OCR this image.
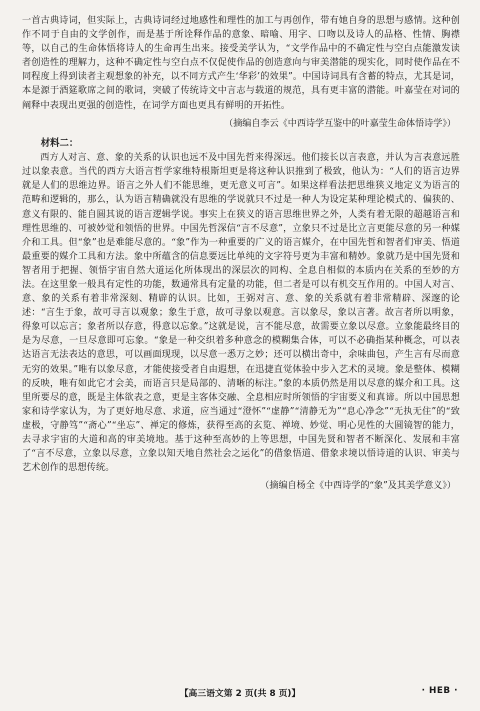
一首古典诗词，但实际上，古典诗词经过地感性和理性的加工与再创作，带有她自身的思想与感情。这种创作不同于自由的文学创作，而是基于所诠释作品的意象、暗喻、用字、口吻以及诗人的品格、性情、胸襟等，以自己的生命体悟将诗人的生命再生出来。接受美学认为，“文学作品中的不确定性与空白点能激发读者创造性的理解力，这种不确定性与空白点不仅促使作品的创造意向与审美潜能的现实化，同时使作品在不同程度上得到读者主观想象的补充，以不同方式产生‘华彩’的效果”。中国诗词具有含蓄的特点，尤其是词，本是源于酒筵歌席之间的歌词，突破了传统诗文中言志与载道的规范，具有更丰富的潜能。叶嘉莹在对词的阐释中表现出更强的创造性，在词学方面也更具有鲜明的开拓性。

（摘编自李云《中西诗学互鉴中的叶嘉莹生命体悟诗学》）

材料二：

西方人对言、意、象的关系的认识也远不及中国先哲来得深远。他们接长以言表意，并认为言表意远胜过以象表意。当代的西方大语言哲学家维特根斯坦更是将这种认识推到了极致，他认为：“人们的语言边界就是人们的思维边界。语言之外人们不能思维，更无意义可言”。如果这样看法把思维狭义地定义为语言的范畴和逻辑的，那么，认为语言精确就没有思维的学说就只不过是一种人为设定某种理论模式的、偏狭的、意义有限的、能自圆其说的语言逻辑学说。事实上在狭义的语言思维世界之外，人类有着无限的超越语言和理性思维的、可被妙觉和领悟的世界。中国先哲深信“言不尽意”，立象只不过是比立言更能尽意的另一种媒介和工具。但“象”也是难能尽意的。“象”作为一种重要的广义的语言媒介，在中国先哲和智者们审美、悟道最重要的媒介工具和方法。象中所蕴含的信息要远比单纯的文字符号更为丰富和精妙。象就乃是中国先贤和智者用于把握、领悟宇宙自然大道运化所体现出的深层次的同构、全息自相似的本质内在关系的至妙的方法。在这里象一般具有定性的功能，数通常具有定量的功能，但二者是可以有机交互作用的。中国人对言、意、象的关系有着非常深刻、精辟的认识。比如，王弼对言、意、象的关系就有着非常精辟、深邃的论述：“言生于象，故可寻言以观象；象生于意，故可寻象以观意。言以象尽，象以言著。故言者所以明象，得象可以忘言；象者所以存意，得意以忘象。”这就是说，言不能尽意，故需要立象以尽意。立象能最终目的是为尽意，一旦尽意即可忘象。“象是一种交织着多种意念的模糊集合体，可以不必确指某种概念，可以表达语言无法表达的意思，可以画面现现，以尽意一悉万之妙；还可以横出奇中，余味曲包，产生言有尽而意无穷的效果。”唯有以象尽意，才能使接受者自由遐想，在迅捷直觉体验中步入艺术的灵境。象是整体、模糊的反映，唯有如此它才会美，而语言只是局部的、清晰的标注。”象的本质仍然是用以尽意的媒介和工具。这里所要尽的意，既是主体欲表之意，更是主客体交融、全息相应时所领悟的宇宙要义和真谛。所以中国思想家和诗学家认为，为了更好地尽意、求道，应当通过“澄怀”“虚静”“清静无为”“息心净念”“无执无住”的“致虚极，守静笃”“斋心”“坐忘”、禅定的修炼，获得至高的玄览、禅境、妙觉、明心见性的大圆镜智的能力，去寻求宇宙的大道和高的审美境地。基于这种至高妙的上等思想，中国先贤和智者不断深化、发展和丰富了“言不尽意，立象以尽意，立象以知天地自然社会之运化”的借象悟道、借象求境以悟诗道的认识、审美与艺术创作的思想传统。

（摘编自杨全《中西诗学的“象”及其美学意义》）

【高三语文第 2 页(共 8 页)】	· HEB ·
